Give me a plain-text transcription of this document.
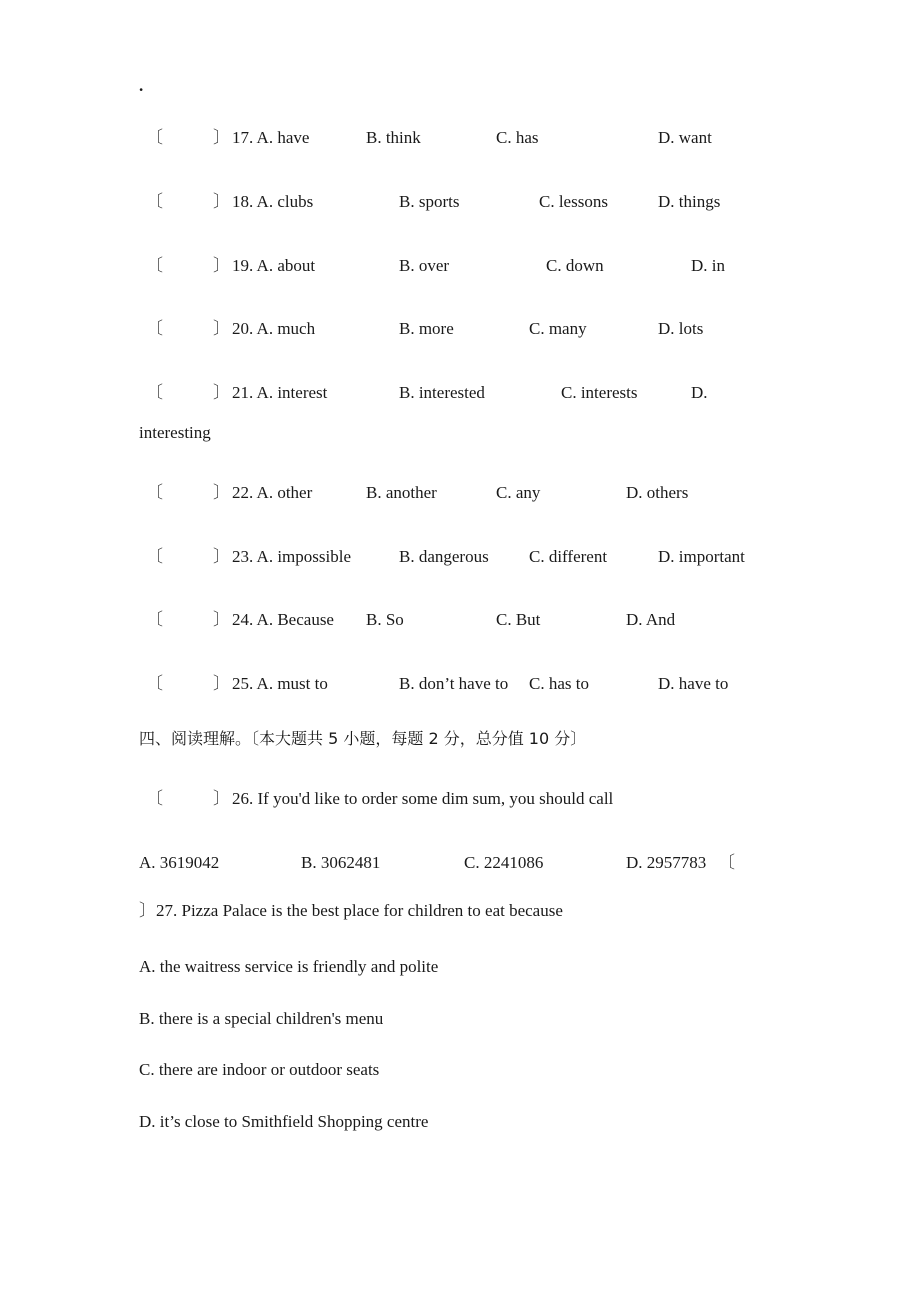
.
〔	〕 17. A. have	B. think	C. has	D. want
〔	〕 18. A. clubs	B. sports	C. lessons	D. things
〔	〕 19. A. about	B. over	C. down	D. in
〔	〕 20. A. much	B. more	C. many	D. lots
〔	〕 21. A. interest	B. interested	C. interests	D.
interesting
〔	〕 22. A. other	B. another	C. any	D. others
〔	〕 23. A. impossible	B. dangerous C. different	D. important
〔	〕 24. A. Because B. So	C. But	D. And
〔	〕 25. A. must to	B. don’t have to C. has to	D. have to
四、阅读理解。〔本大题共 5 小题，每题 2 分，总分值 10 分〕
〔	〕 26. If you'd like to order some dim sum, you should call
A. 3619042	B. 3062481	C. 2241086	D. 2957783 〔
〕27. Pizza Palace is the best place for children to eat because
A. the waitress service is friendly and polite
B. there is a special children's menu
C. there are indoor or outdoor seats
D. it’s close to Smithfield Shopping centre
